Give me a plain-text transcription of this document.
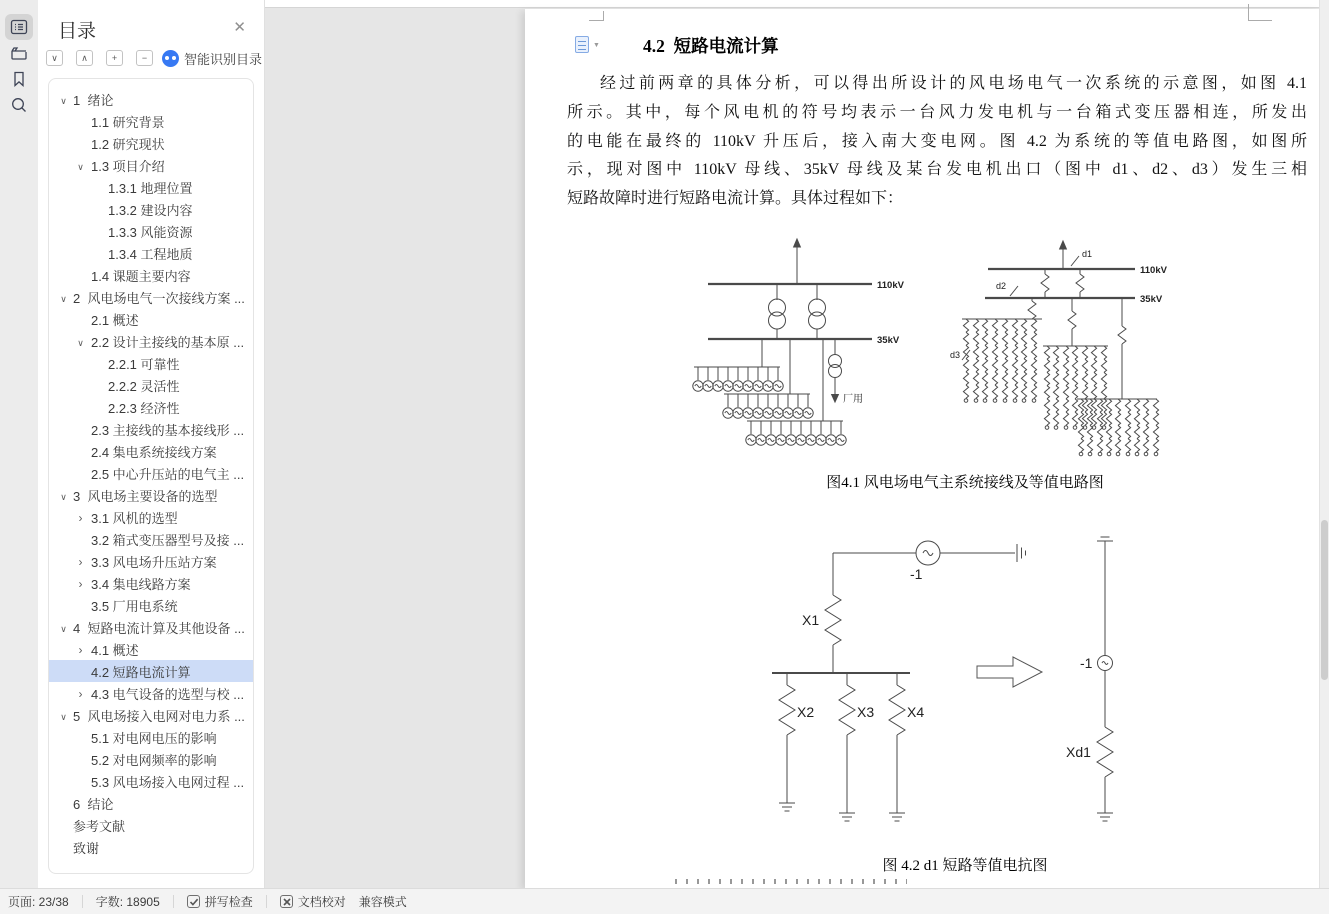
目录	✕
∨	∧	+	−	智能识别目录
∨
1  绪论
1.1 研究背景
1.2 研究现状
∨
1.3 项目介绍
1.3.1 地理位置
1.3.2 建设内容
1.3.3 风能资源
1.3.4 工程地质
1.4 课题主要内容
∨
2  风电场电气一次接线方案 ...
2.1 概述
∨
2.2 设计主接线的基本原 ...
2.2.1 可靠性
2.2.2 灵活性
2.2.3 经济性
2.3 主接线的基本接线形 ...
2.4 集电系统接线方案
2.5 中心升压站的电气主 ...
∨
3  风电场主要设备的选型
›
3.1 风机的选型
3.2 箱式变压器型号及接 ...
›
3.3 风电场升压站方案
›
3.4 集电线路方案
3.5 厂用电系统
∨
4  短路电流计算及其他设备 ...
›
4.1 概述
4.2 短路电流计算
›
4.3 电气设备的选型与校 ...
∨
5  风电场接入电网对电力系 ...
5.1 对电网电压的影响
5.2 对电网频率的影响
5.3 风电场接入电网过程 ...
6  结论
参考文献
致谢
▼ 4.2  短路电流计算
经过前两章的具体分析，可以得出所设计的风电场电气一次系统的示意图，如图 4.1
所示。其中，每个风电机的符号均表示一台风力发电机与一台箱式变压器相连，所发出
的电能在最终的 110kV 升压后，接入南大变电网。图 4.2 为系统的等值电路图，如图所
示，现对图中 110kV 母线、35kV 母线及某台发电机出口（图中 d1、d2、d3）发生三相
短路故障时进行短路电流计算。具体过程如下：
110kV
35kV
厂用
110kV
d1
35kV
d2
d3
图4.1 风电场电气主系统接线及等值电路图
-1
X1
X2	X3 X4
-1
Xd1
图 4.2 d1 短路等值电抗图
页面: 23/38 字数: 18905	拼写检查	文档校对 兼容模式
